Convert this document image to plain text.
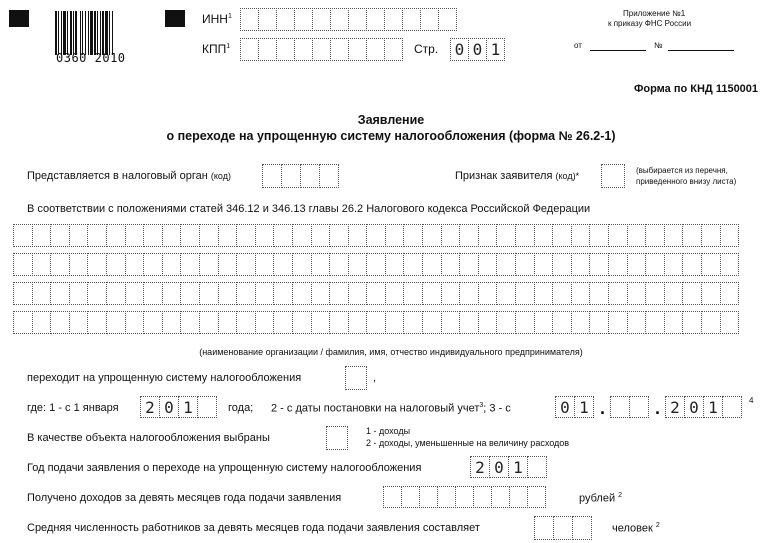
0360 2010
ИНН$^1$
КПП$^1$	Стр. 0 0 1
Приложение №1
к приказу ФНС России
от	№
Форма по КНД 1150001
Заявление
о переходе на упрощенную систему налогообложения (форма № 26.2-1)
Представляется в налоговый орган (код)	Признак заявителя (код)*
(выбирается из перечня,
приведенного внизу листа)
В соответствии с положениями статей 346.12 и 346.13 главы 26.2 Налогового кодекса Российской Федерации
(наименование организации / фамилия, имя, отчество индивидуального предпринимателя)
переходит на упрощенную систему налогообложения	,
где: 1 - с 1 января	2 0 1	года; 2 - с даты постановки на налоговый учет$^3$; 3 - с	0 1 .	. 2 0 1	4
В качестве объекта налогообложения выбраны
1 - доходы
2 - доходы, уменьшенные на величину расходов
Год подачи заявления о переходе на упрощенную систему налогообложения	2 0 1
Получено доходов за девять месяцев года подачи заявления	рублей $^2$
Средняя численность работников за девять месяцев года подачи заявления составляет	человек $^2$
